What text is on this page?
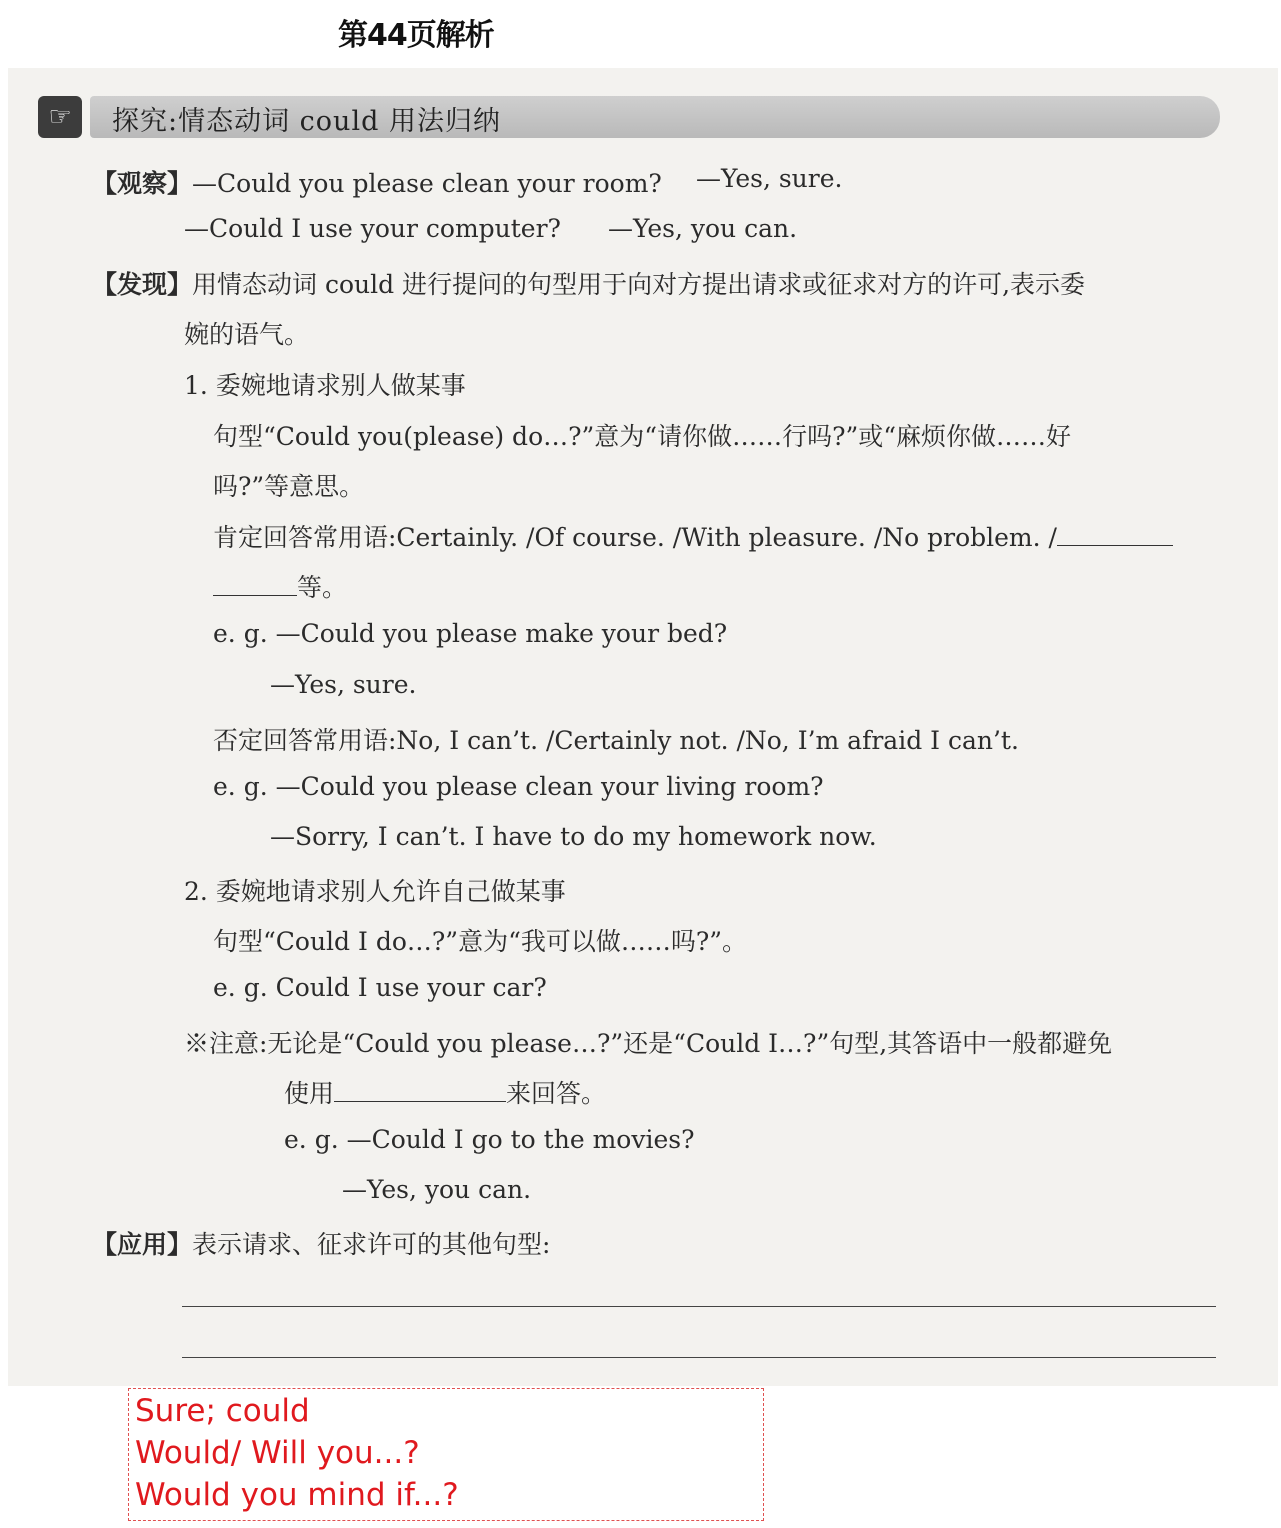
第44页解析
☞	探究:情态动词 could 用法归纳
【观察】—Could you please clean your room? —Yes, sure.
—Could I use your computer? —Yes, you can.
【发现】用情态动词 could 进行提问的句型用于向对方提出请求或征求对方的许可,表示委
婉的语气。
1. 委婉地请求别人做某事
句型“Could you(please) do…?”意为“请你做……行吗?”或“麻烦你做……好
吗?”等意思。
肯定回答常用语:Certainly. /Of course. /With pleasure. /No problem. /
等。
e. g. —Could you please make your bed?
—Yes, sure.
否定回答常用语:No, I can’t. /Certainly not. /No, I’m afraid I can’t.
e. g. —Could you please clean your living room?
—Sorry, I can’t. I have to do my homework now.
2. 委婉地请求别人允许自己做某事
句型“Could I do…?”意为“我可以做……吗?”。
e. g. Could I use your car?
※注意:无论是“Could you please…?”还是“Could I…?”句型,其答语中一般都避免
使用	来回答。
e. g. —Could I go to the movies?
—Yes, you can.
【应用】表示请求、征求许可的其他句型:
Sure; could
Would/ Will you...?
Would you mind if...?
